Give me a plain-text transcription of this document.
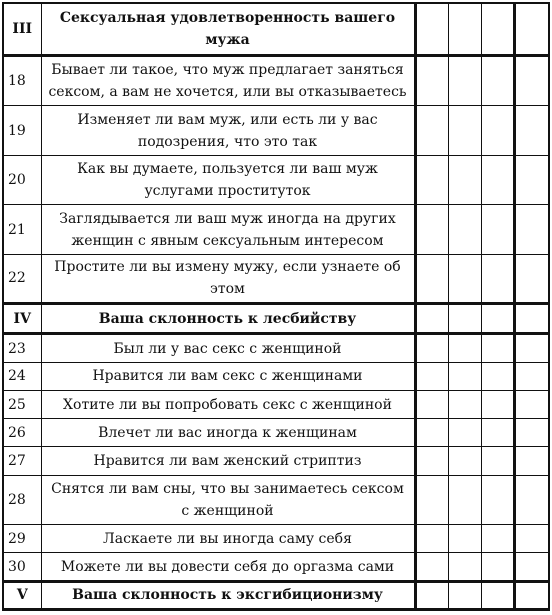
III	Сексуальная удовлетворенность вашего мужа				
18	Бывает ли такое, что муж предлагает заняться сексом, а вам не хочется, или вы отказываетесь				
19	Изменяет ли вам муж, или есть ли у вас подозрения, что это так				
20	Как вы думаете, пользуется ли ваш муж услугами проституток				
21	Заглядывается ли ваш муж иногда на других женщин с явным сексуальным интересом				
22	Простите ли вы измену мужу, если узнаете об этом				
IV	Ваша склонность к лесбийству				
23	Был ли у вас секс с женщиной				
24	Нравится ли вам секс с женщинами				
25	Хотите ли вы попробовать секс с женщиной				
26	Влечет ли вас иногда к женщинам				
27	Нравится ли вам женский стриптиз				
28	Снятся ли вам сны, что вы занимаетесь сексом с женщиной				
29	Ласкаете ли вы иногда саму себя				
30	Можете ли вы довести себя до оргазма сами				
V	Ваша склонность к эксгибиционизму				
